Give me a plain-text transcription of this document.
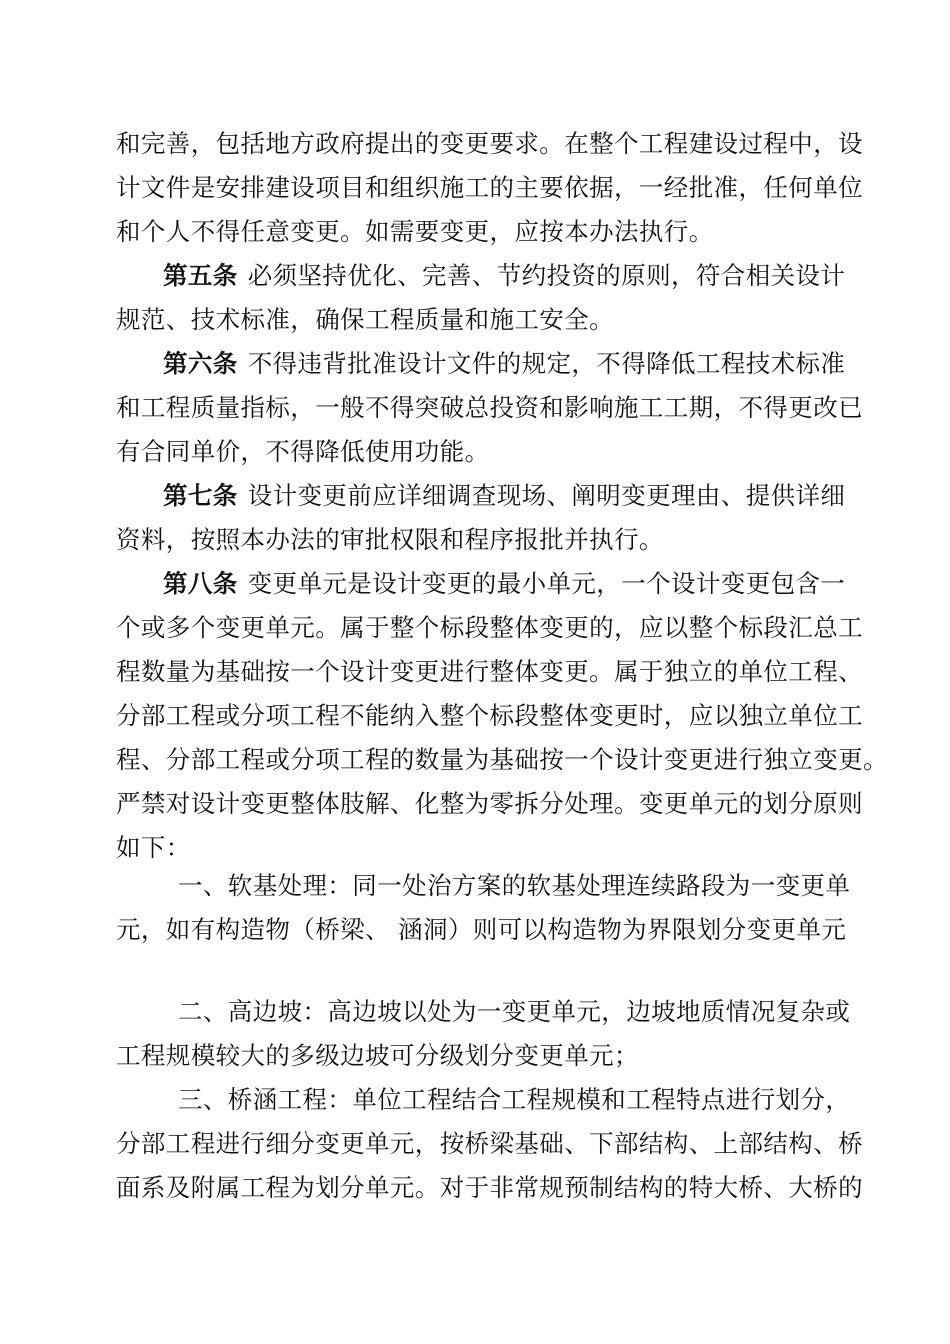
和完善，包括地方政府提出的变更要求。在整个工程建设过程中，设
计文件是安排建设项目和组织施工的主要依据，一经批准，任何单位
和个人不得任意变更。如需要变更，应按本办法执行。
第五条 必须坚持优化、完善、节约投资的原则，符合相关设计
规范、技术标准，确保工程质量和施工安全。
第六条 不得违背批准设计文件的规定，不得降低工程技术标准
和工程质量指标，一般不得突破总投资和影响施工工期，不得更改已
有合同单价，不得降低使用功能。
第七条 设计变更前应详细调查现场、阐明变更理由、提供详细
资料，按照本办法的审批权限和程序报批并执行。
第八条 变更单元是设计变更的最小单元，一个设计变更包含一
个或多个变更单元。属于整个标段整体变更的，应以整个标段汇总工
程数量为基础按一个设计变更进行整体变更。属于独立的单位工程、
分部工程或分项工程不能纳入整个标段整体变更时，应以独立单位工
程、分部工程或分项工程的数量为基础按一个设计变更进行独立变更。
严禁对设计变更整体肢解、化整为零拆分处理。变更单元的划分原则
如下：
一、软基处理：同一处治方案的软基处理连续路段为一变更单
元，如有构造物（桥梁、 涵洞）则可以构造物为界限划分变更单元
二、高边坡：高边坡以处为一变更单元，边坡地质情况复杂或
工程规模较大的多级边坡可分级划分变更单元；
三、桥涵工程：单位工程结合工程规模和工程特点进行划分，
分部工程进行细分变更单元，按桥梁基础、下部结构、上部结构、桥
面系及附属工程为划分单元。对于非常规预制结构的特大桥、大桥的
